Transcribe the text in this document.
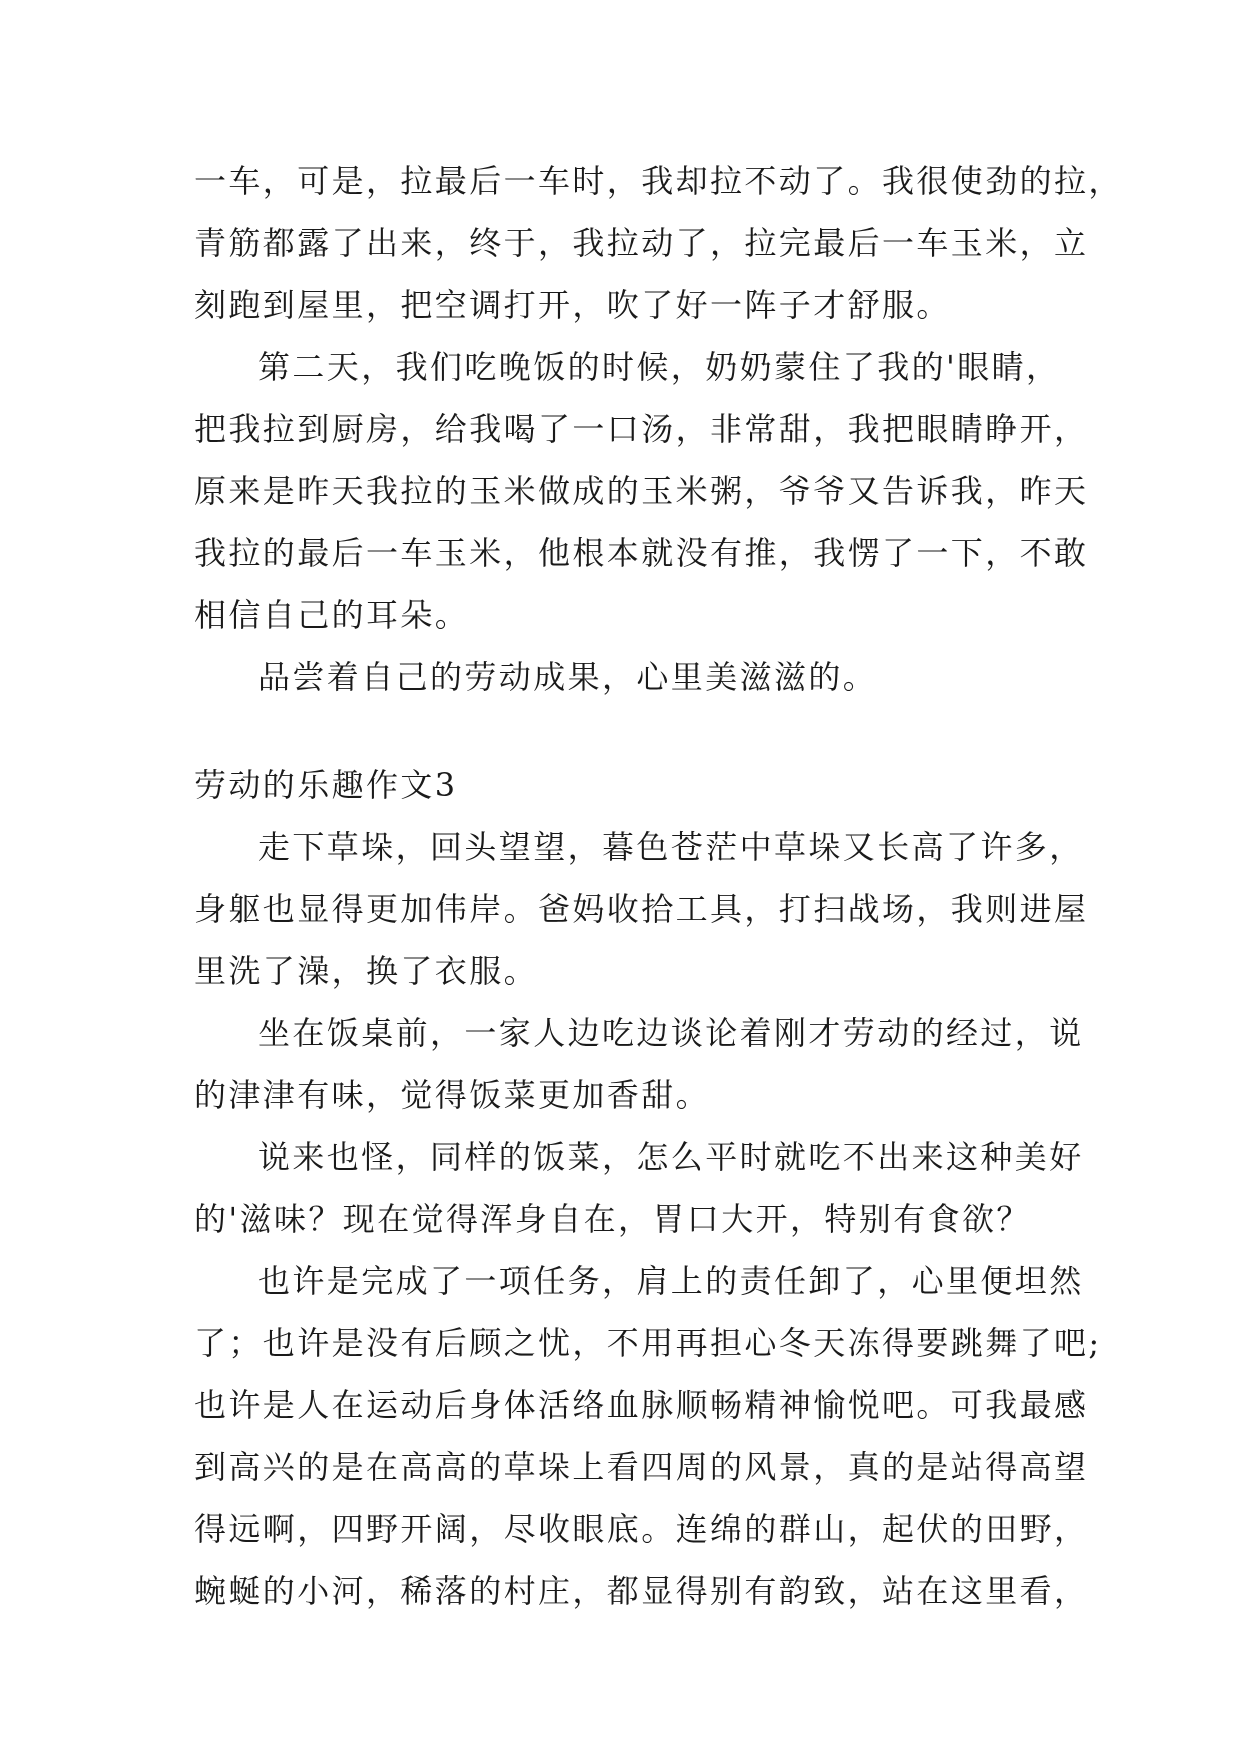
一车，可是，拉最后一车时，我却拉不动了。我很使劲的拉，
青筋都露了出来，终于，我拉动了，拉完最后一车玉米，立
刻跑到屋里，把空调打开，吹了好一阵子才舒服。
第二天，我们吃晚饭的时候，奶奶蒙住了我的'眼睛，
把我拉到厨房，给我喝了一口汤，非常甜，我把眼睛睁开，
原来是昨天我拉的玉米做成的玉米粥，爷爷又告诉我，昨天
我拉的最后一车玉米，他根本就没有推，我愣了一下，不敢
相信自己的耳朵。
品尝着自己的劳动成果，心里美滋滋的。
劳动的乐趣作文3
走下草垛，回头望望，暮色苍茫中草垛又长高了许多，
身躯也显得更加伟岸。爸妈收拾工具，打扫战场，我则进屋
里洗了澡，换了衣服。
坐在饭桌前，一家人边吃边谈论着刚才劳动的经过，说
的津津有味，觉得饭菜更加香甜。
说来也怪，同样的饭菜，怎么平时就吃不出来这种美好
的'滋味？现在觉得浑身自在，胃口大开，特别有食欲？
也许是完成了一项任务，肩上的责任卸了，心里便坦然
了；也许是没有后顾之忧，不用再担心冬天冻得要跳舞了吧;
也许是人在运动后身体活络血脉顺畅精神愉悦吧。可我最感
到高兴的是在高高的草垛上看四周的风景，真的是站得高望
得远啊，四野开阔，尽收眼底。连绵的群山，起伏的田野，
蜿蜒的小河，稀落的村庄，都显得别有韵致，站在这里看，
